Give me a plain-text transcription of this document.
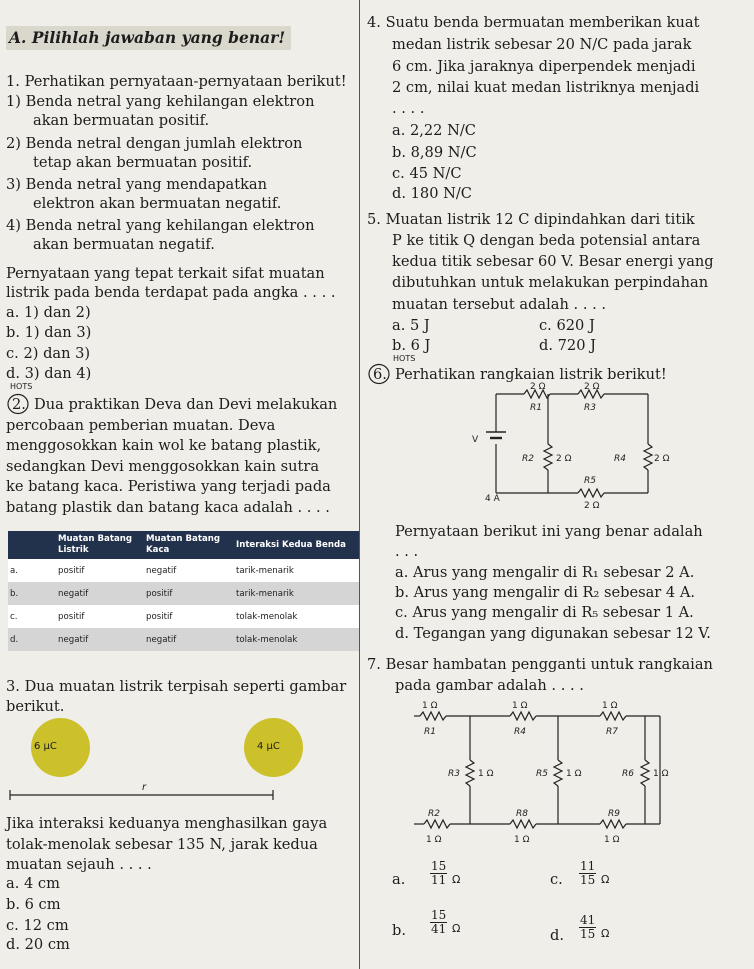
A. Pilihlah jawaban yang benar!
1. Perhatikan pernyataan-pernyataan berikut!
1) Benda netral yang kehilangan elektron
akan bermuatan positif.
2) Benda netral dengan jumlah elektron
tetap akan bermuatan positif.
3) Benda netral yang mendapatkan
elektron akan bermuatan negatif.
4) Benda netral yang kehilangan elektron
akan bermuatan negatif.
Pernyataan yang tepat terkait sifat muatan
listrik pada benda terdapat pada angka . . . .
a. 1) dan 2)
b. 1) dan 3)
c. 2) dan 3)
d. 3) dan 4)
HOTS
2. Dua praktikan Deva dan Devi melakukan
percobaan pemberian muatan. Deva
menggosokkan kain wol ke batang plastik,
sedangkan Devi menggosokkan kain sutra
ke batang kaca. Peristiwa yang terjadi pada
batang plastik dan batang kaca adalah . . . .
	Muatan Batang Listrik	Muatan Batang Kaca	Interaksi Kedua Benda
a.	positif	negatif	tarik-menarik
b.	negatif	positif	tarik-menarik
c.	positif	positif	tolak-menolak
d.	negatif	negatif	tolak-menolak
3. Dua muatan listrik terpisah seperti gambar
berikut.
6 μC	4 μC
r
Jika interaksi keduanya menghasilkan gaya
tolak-menolak sebesar 135 N, jarak kedua
muatan sejauh . . . .
a. 4 cm
b. 6 cm
c. 12 cm
d. 20 cm
4. Suatu benda bermuatan memberikan kuat
medan listrik sebesar 20 N/C pada jarak
6 cm. Jika jaraknya diperpendek menjadi
2 cm, nilai kuat medan listriknya menjadi
. . . .
a. 2,22 N/C
b. 8,89 N/C
c. 45 N/C
d. 180 N/C
5. Muatan listrik 12 C dipindahkan dari titik
P ke titik Q dengan beda potensial antara
kedua titik sebesar 60 V. Besar energi yang
dibutuhkan untuk melakukan perpindahan
muatan tersebut adalah . . . .
a. 5 J
b. 6 J
c. 620 J
d. 720 J
HOTS
6. Perhatikan rangkaian listrik berikut!
2 Ω	2 Ω
R1	R3
V
R2 2 Ω	R4	2 Ω
R5
4 A
2 Ω
Pernyataan berikut ini yang benar adalah
. . .
a. Arus yang mengalir di R₁ sebesar 2 A.
b. Arus yang mengalir di R₂ sebesar 4 A.
c. Arus yang mengalir di R₅ sebesar 1 A.
d. Tegangan yang digunakan sebesar 12 V.
7. Besar hambatan pengganti untuk rangkaian
pada gambar adalah . . . .
1 Ω	1 Ω	1 Ω
R1	R4	R7
R3 1 Ω	R5 1 Ω	R6 1 Ω
R2	R8	R9
1 Ω	1 Ω	1 Ω
a. $\frac{15}{11}$ Ω
b. $\frac{15}{41}$ Ω
c. $\frac{11}{15}$ Ω
d. $\frac{41}{15}$ Ω
